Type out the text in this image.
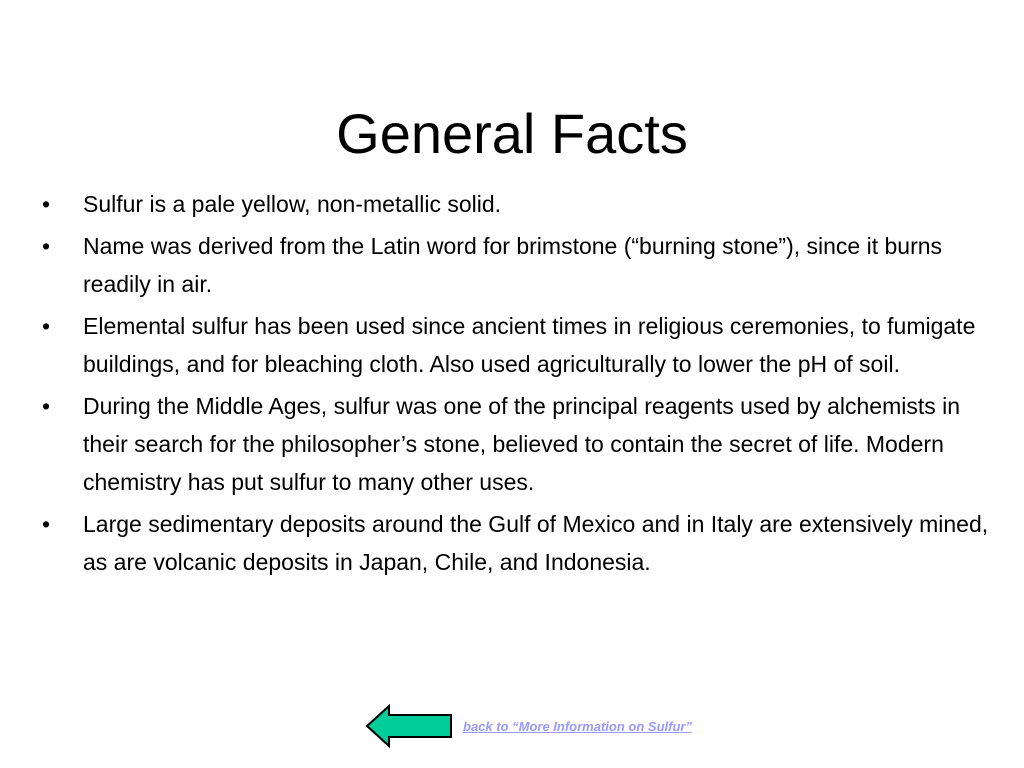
General Facts
• Sulfur is a pale yellow, non-metallic solid.
• Name was derived from the Latin word for brimstone (“burning stone”), since it burns readily in air.
• Elemental sulfur has been used since ancient times in religious ceremonies, to fumigate buildings, and for bleaching cloth. Also used agriculturally to lower the pH of soil.
• During the Middle Ages, sulfur was one of the principal reagents used by alchemists in their search for the philosopher’s stone, believed to contain the secret of life. Modern chemistry has put sulfur to many other uses.
• Large sedimentary deposits around the Gulf of Mexico and in Italy are extensively mined, as are volcanic deposits in Japan, Chile, and Indonesia.
back to “More Information on Sulfur”
